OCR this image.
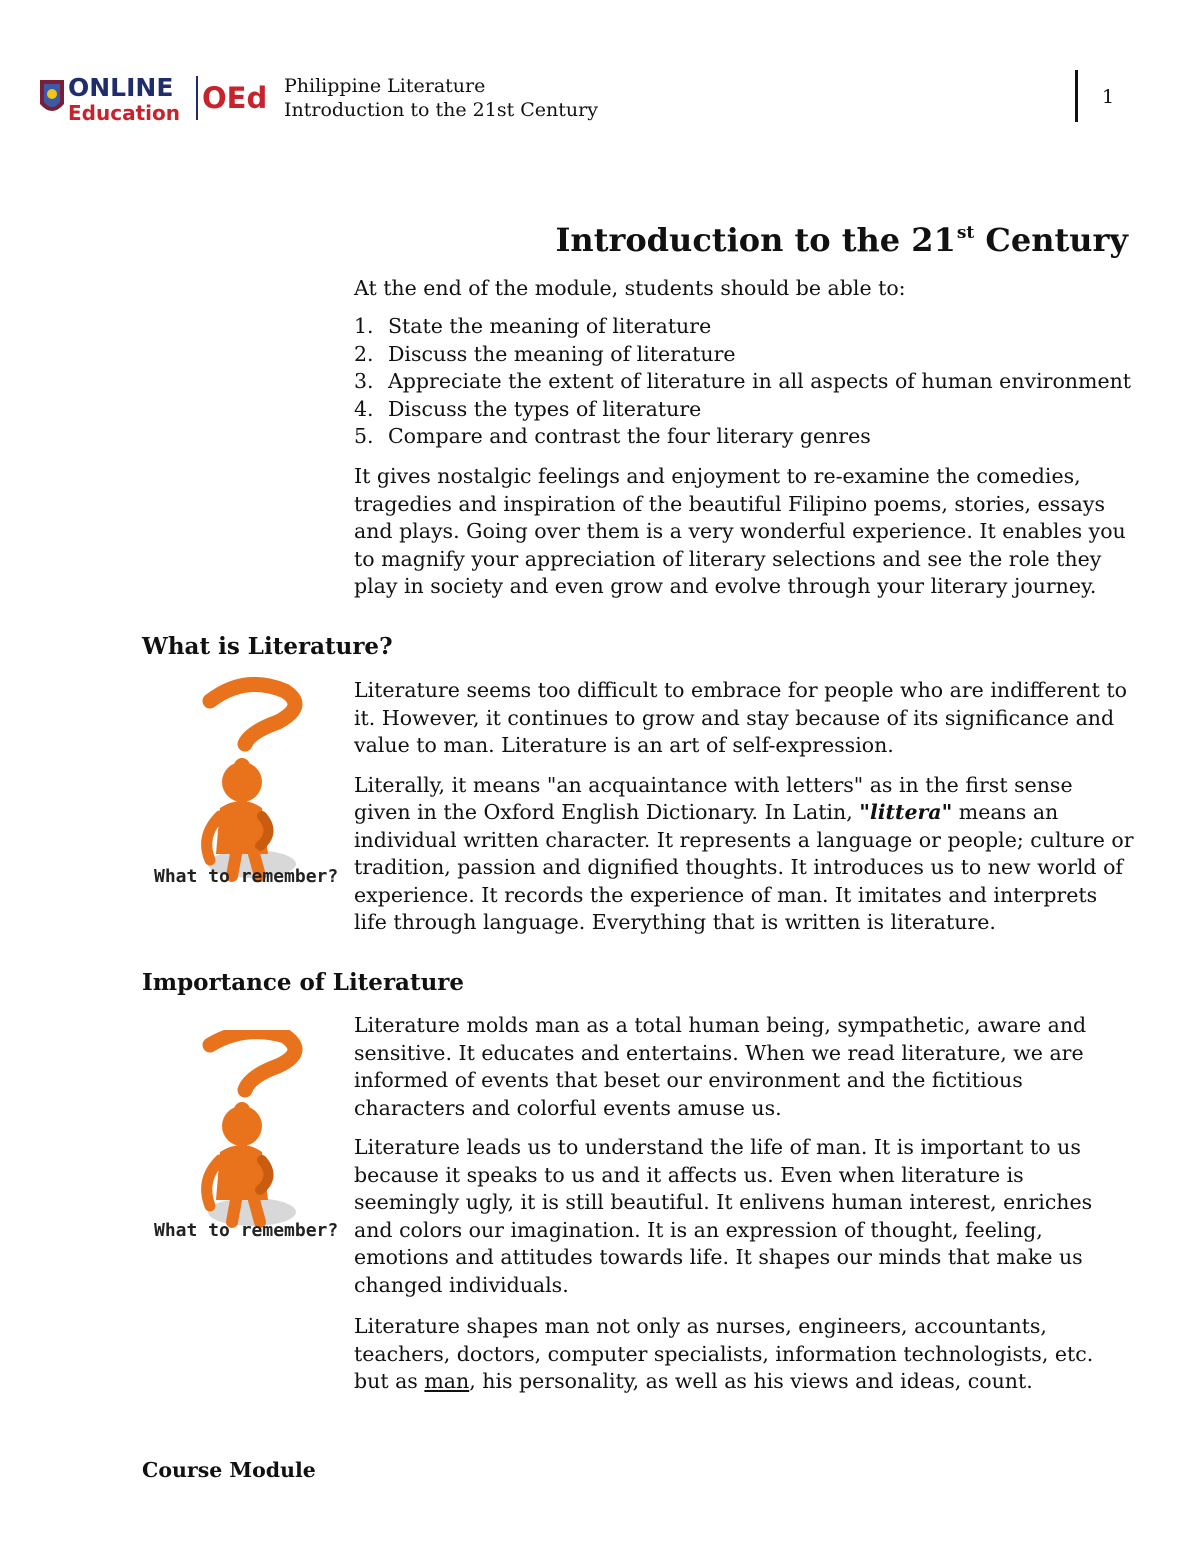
ONLINE
Education OEd Philippine Literature
Introduction to the 21st Century
1
Introduction to the 21st Century
At the end of the module, students should be able to:
1. State the meaning of literature
2. Discuss the meaning of literature
3. Appreciate the extent of literature in all aspects of human environment
4. Discuss the types of literature
5. Compare and contrast the four literary genres
It gives nostalgic feelings and enjoyment to re-examine the comedies, tragedies and inspiration of the beautiful Filipino poems, stories, essays and plays. Going over them is a very wonderful experience. It enables you to magnify your appreciation of literary selections and see the role they play in society and even grow and evolve through your literary journey.
What is Literature?
What to remember?

Literature seems too difficult to embrace for people who are indifferent to it. However, it continues to grow and stay because of its significance and value to man. Literature is an art of self-expression.

Literally, it means "an acquaintance with letters" as in the first sense given in the Oxford English Dictionary. In Latin, "littera" means an individual written character. It represents a language or people; culture or tradition, passion and dignified thoughts. It introduces us to new world of experience. It records the experience of man. It imitates and interprets life through language. Everything that is written is literature.

Importance of Literature
What to remember?

Literature molds man as a total human being, sympathetic, aware and sensitive. It educates and entertains. When we read literature, we are informed of events that beset our environment and the fictitious characters and colorful events amuse us.

Literature leads us to understand the life of man. It is important to us because it speaks to us and it affects us. Even when literature is seemingly ugly, it is still beautiful. It enlivens human interest, enriches and colors our imagination. It is an expression of thought, feeling, emotions and attitudes towards life. It shapes our minds that make us changed individuals.

Literature shapes man not only as nurses, engineers, accountants, teachers, doctors, computer specialists, information technologists, etc. but as man, his personality, as well as his views and ideas, count.

Course Module
